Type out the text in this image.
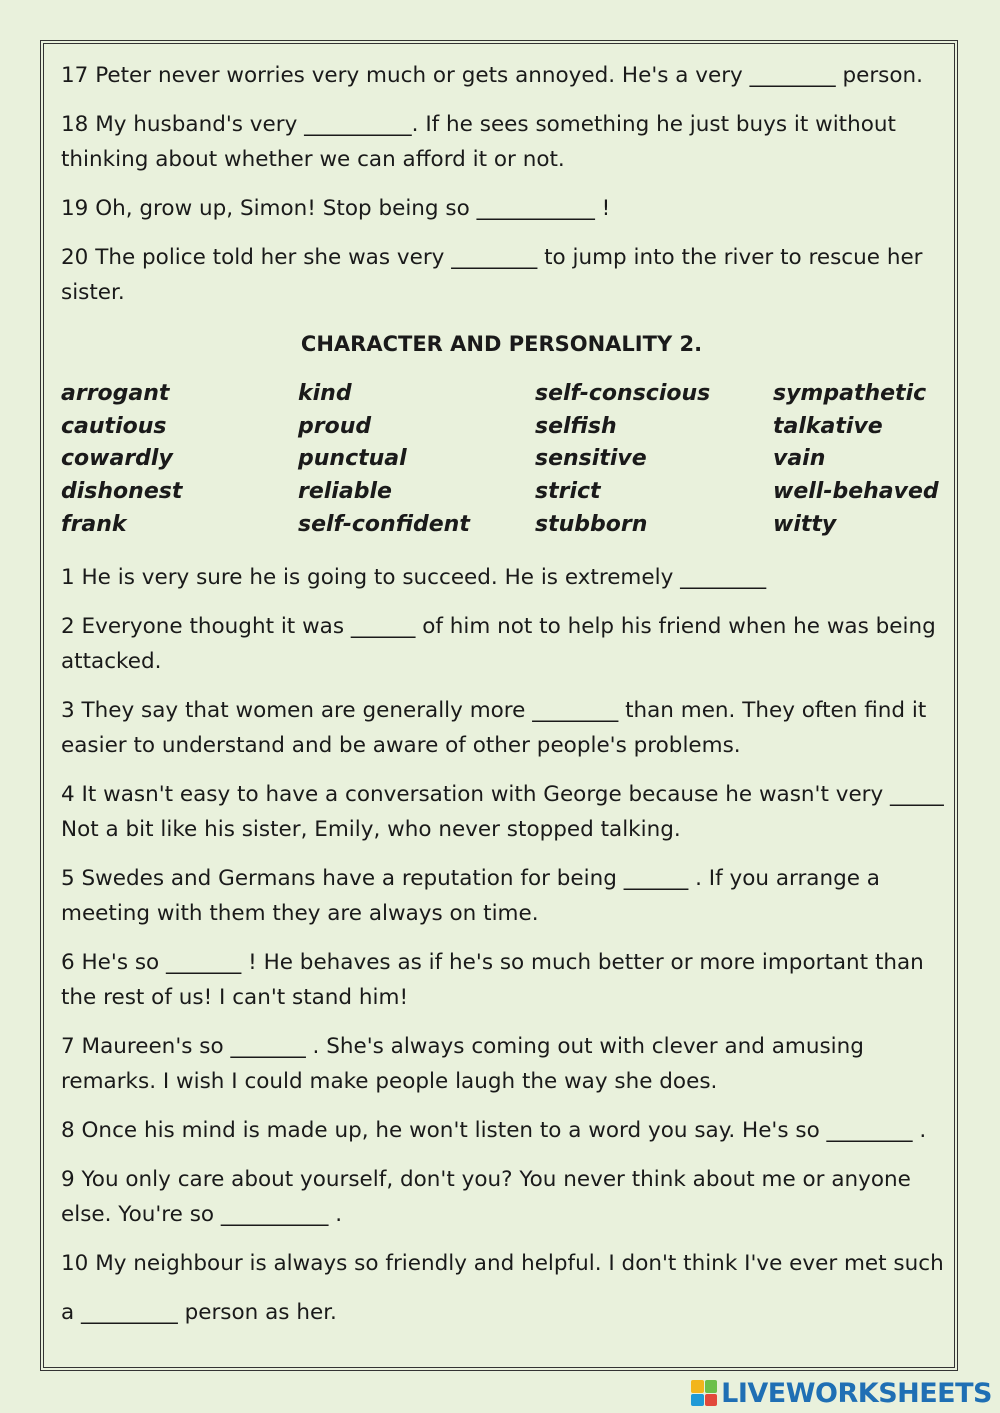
17 Peter never worries very much or gets annoyed. He's a very ________ person.

18 My husband's very __________. If he sees something he just buys it without thinking about whether we can afford it or not.

19 Oh, grow up, Simon! Stop being so ___________ !

20 The police told her she was very ________ to jump into the river to rescue her sister.

CHARACTER AND PERSONALITY 2.
arrogant	kind	self-conscious	sympathetic
cautious	proud	selfish	talkative
cowardly	punctual	sensitive	vain
dishonest	reliable	strict	well-behaved
frank	self-confident	stubborn	witty

1 He is very sure he is going to succeed. He is extremely ________

2 Everyone thought it was ______ of him not to help his friend when he was being attacked.

3 They say that women are generally more ________ than men. They often find it easier to understand and be aware of other people's problems.

4 It wasn't easy to have a conversation with George because he wasn't very _____ Not a bit like his sister, Emily, who never stopped talking.

5 Swedes and Germans have a reputation for being ______ . If you arrange a meeting with them they are always on time.

6 He's so _______ ! He behaves as if he's so much better or more important than the rest of us! I can't stand him!

7 Maureen's so _______ . She's always coming out with clever and amusing remarks. I wish I could make people laugh the way she does.

8 Once his mind is made up, he won't listen to a word you say. He's so ________ .

9 You only care about yourself, don't you? You never think about me or anyone else. You're so __________ .

10 My neighbour is always so friendly and helpful. I don't think I've ever met such

a _________ person as her.

LIVEWORKSHEETS
